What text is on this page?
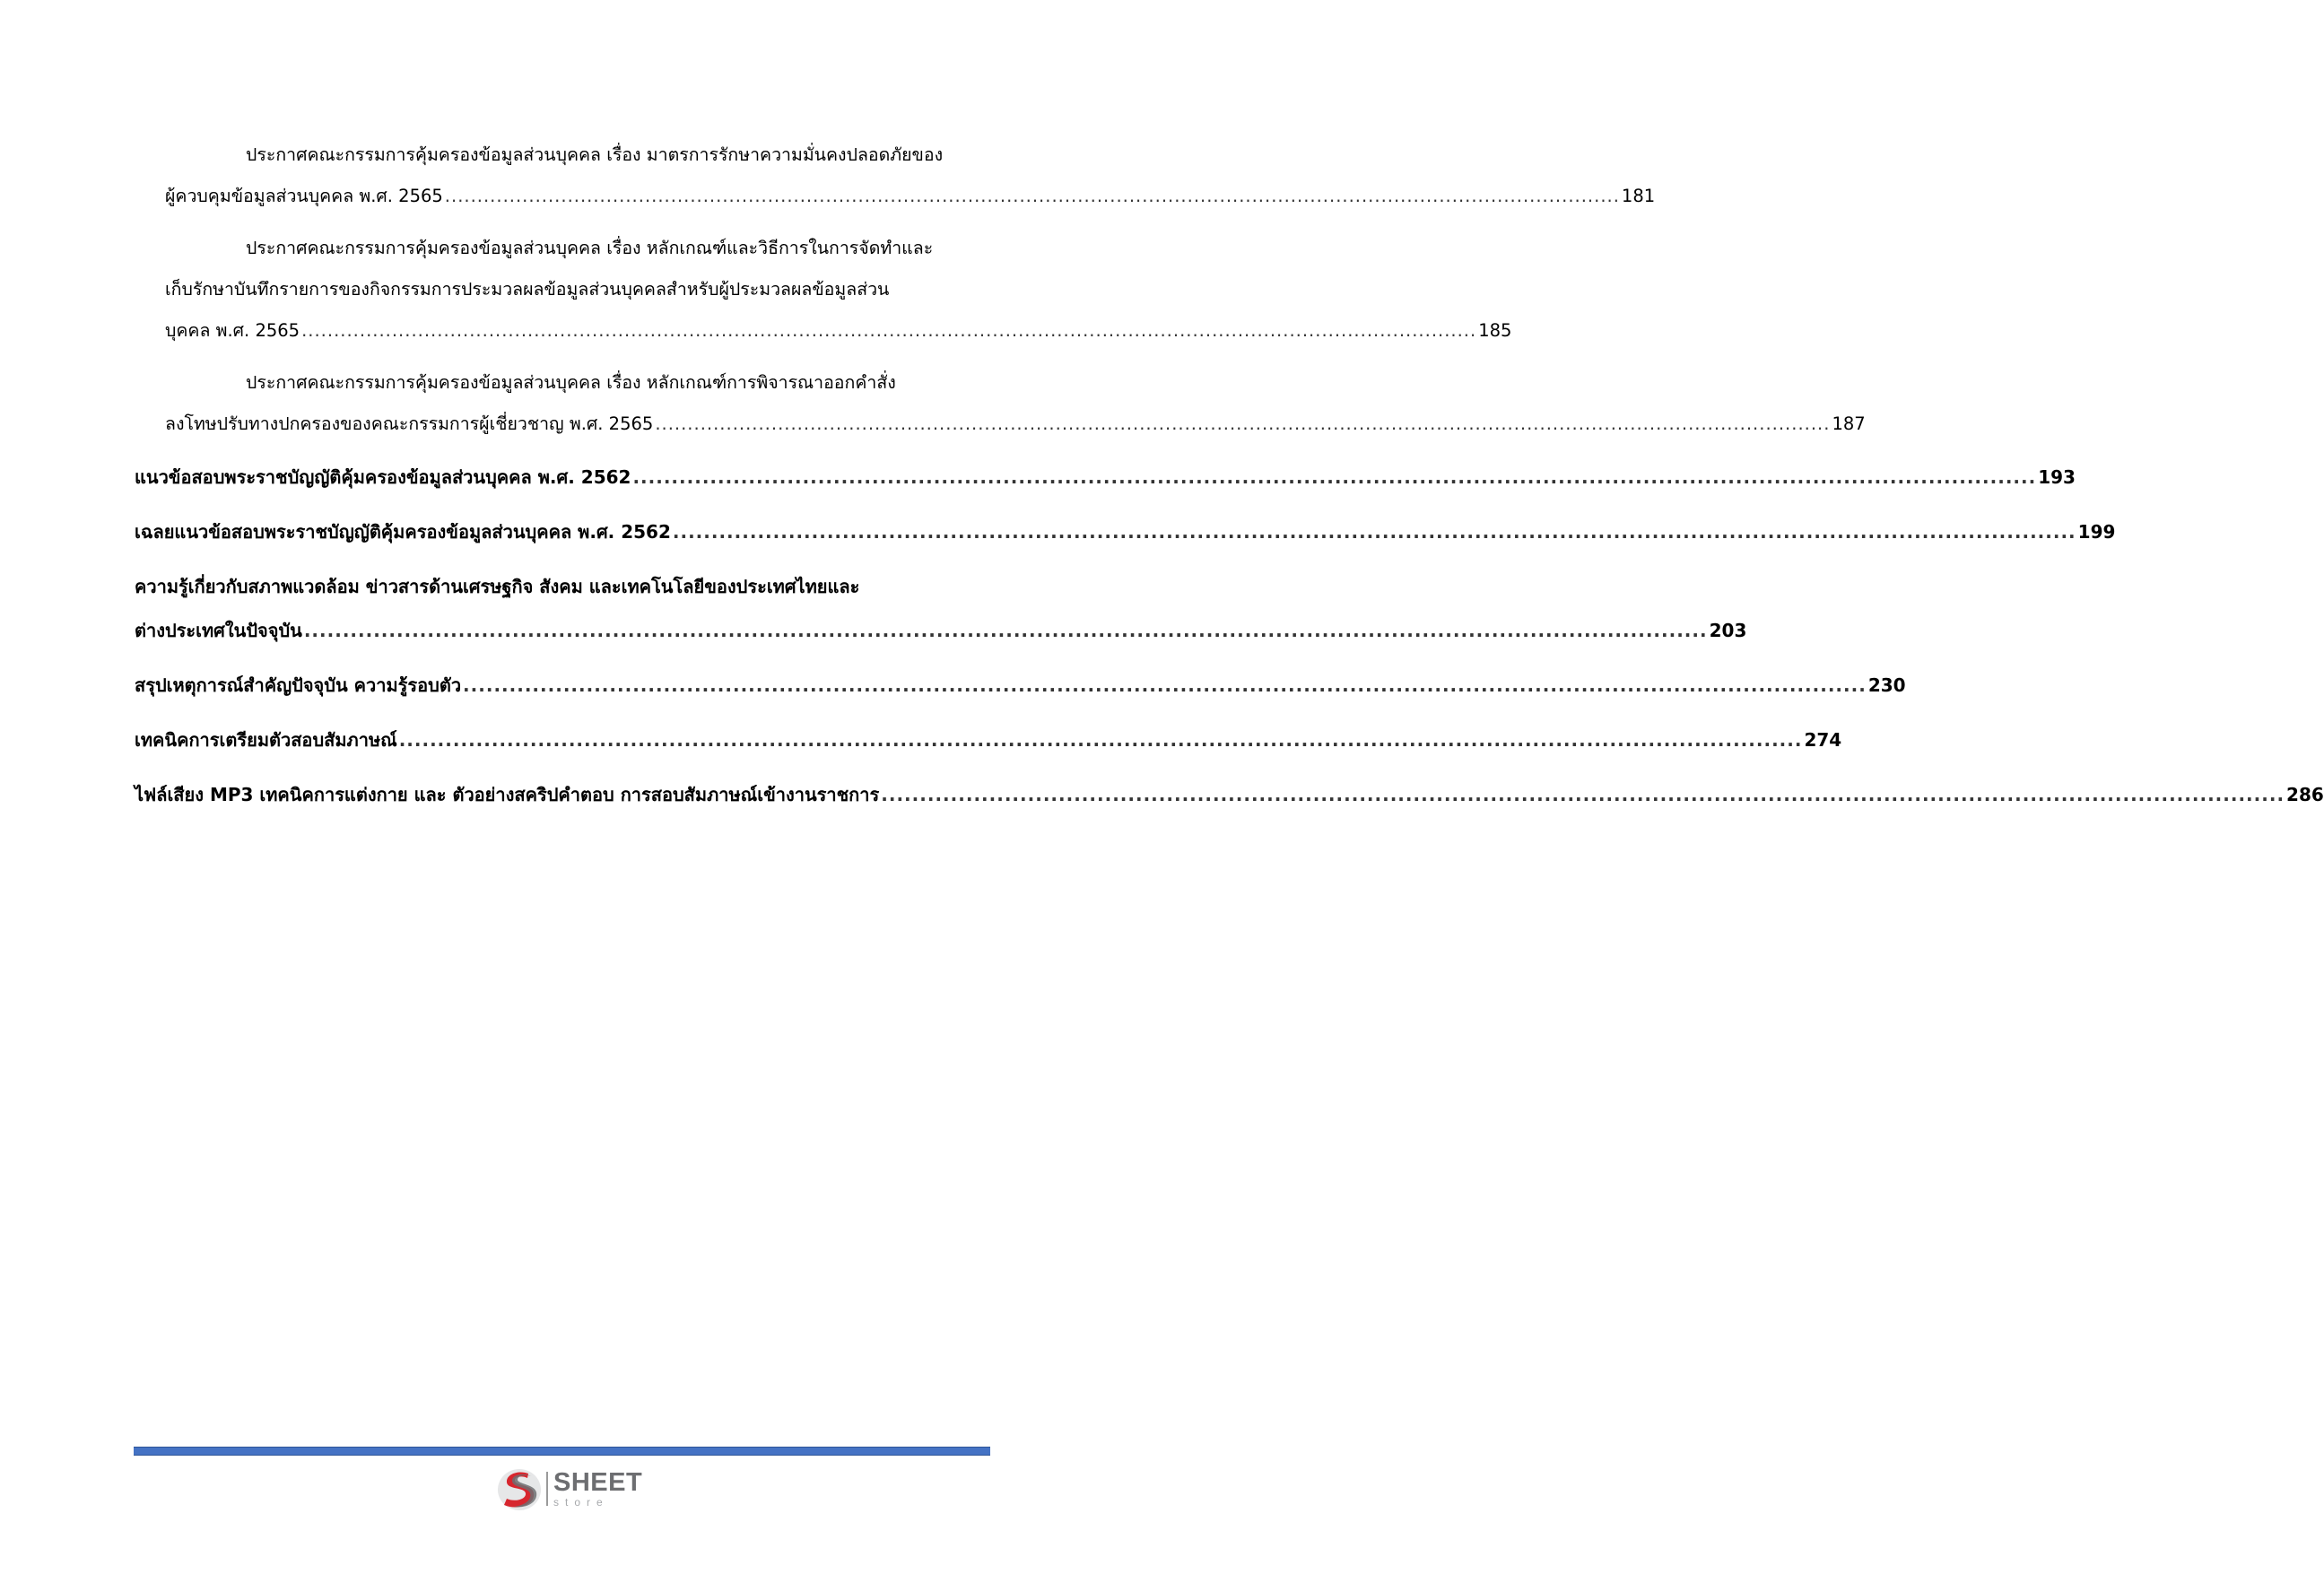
ประกาศคณะกรรมการคุ้มครองข้อมูลส่วนบุคคล เรื่อง มาตรการรักษาความมั่นคงปลอดภัยของ
ผู้ควบคุมข้อมูลส่วนบุคคล พ.ศ. 2565 ...................................................................................................................................................................................... 181
ประกาศคณะกรรมการคุ้มครองข้อมูลส่วนบุคคล เรื่อง หลักเกณฑ์และวิธีการในการจัดทำและ
เก็บรักษาบันทึกรายการของกิจกรรมการประมวลผลข้อมูลส่วนบุคคลสำหรับผู้ประมวลผลข้อมูลส่วน
บุคคล พ.ศ. 2565 ...................................................................................................................................................................................... 185
ประกาศคณะกรรมการคุ้มครองข้อมูลส่วนบุคคล เรื่อง หลักเกณฑ์การพิจารณาออกคำสั่ง
ลงโทษปรับทางปกครองของคณะกรรมการผู้เชี่ยวชาญ พ.ศ. 2565 ...................................................................................................................................................................................... 187
แนวข้อสอบพระราชบัญญัติคุ้มครองข้อมูลส่วนบุคคล พ.ศ. 2562 ...................................................................................................................................................................................... 193
เฉลยแนวข้อสอบพระราชบัญญัติคุ้มครองข้อมูลส่วนบุคคล พ.ศ. 2562 ...................................................................................................................................................................................... 199
ความรู้เกี่ยวกับสภาพแวดล้อม ข่าวสารด้านเศรษฐกิจ สังคม และเทคโนโลยีของประเทศไทยและ
ต่างประเทศในปัจจุบัน ...................................................................................................................................................................................... 203
สรุปเหตุการณ์สำคัญปัจจุบัน ความรู้รอบตัว ...................................................................................................................................................................................... 230
เทคนิคการเตรียมตัวสอบสัมภาษณ์ ...................................................................................................................................................................................... 274
ไฟล์เสียง MP3 เทคนิคการแต่งกาย และ ตัวอย่างสคริปคำตอบ การสอบสัมภาษณ์เข้างานราชการ ...................................................................................................................................................................................... 286
SHEET
store
